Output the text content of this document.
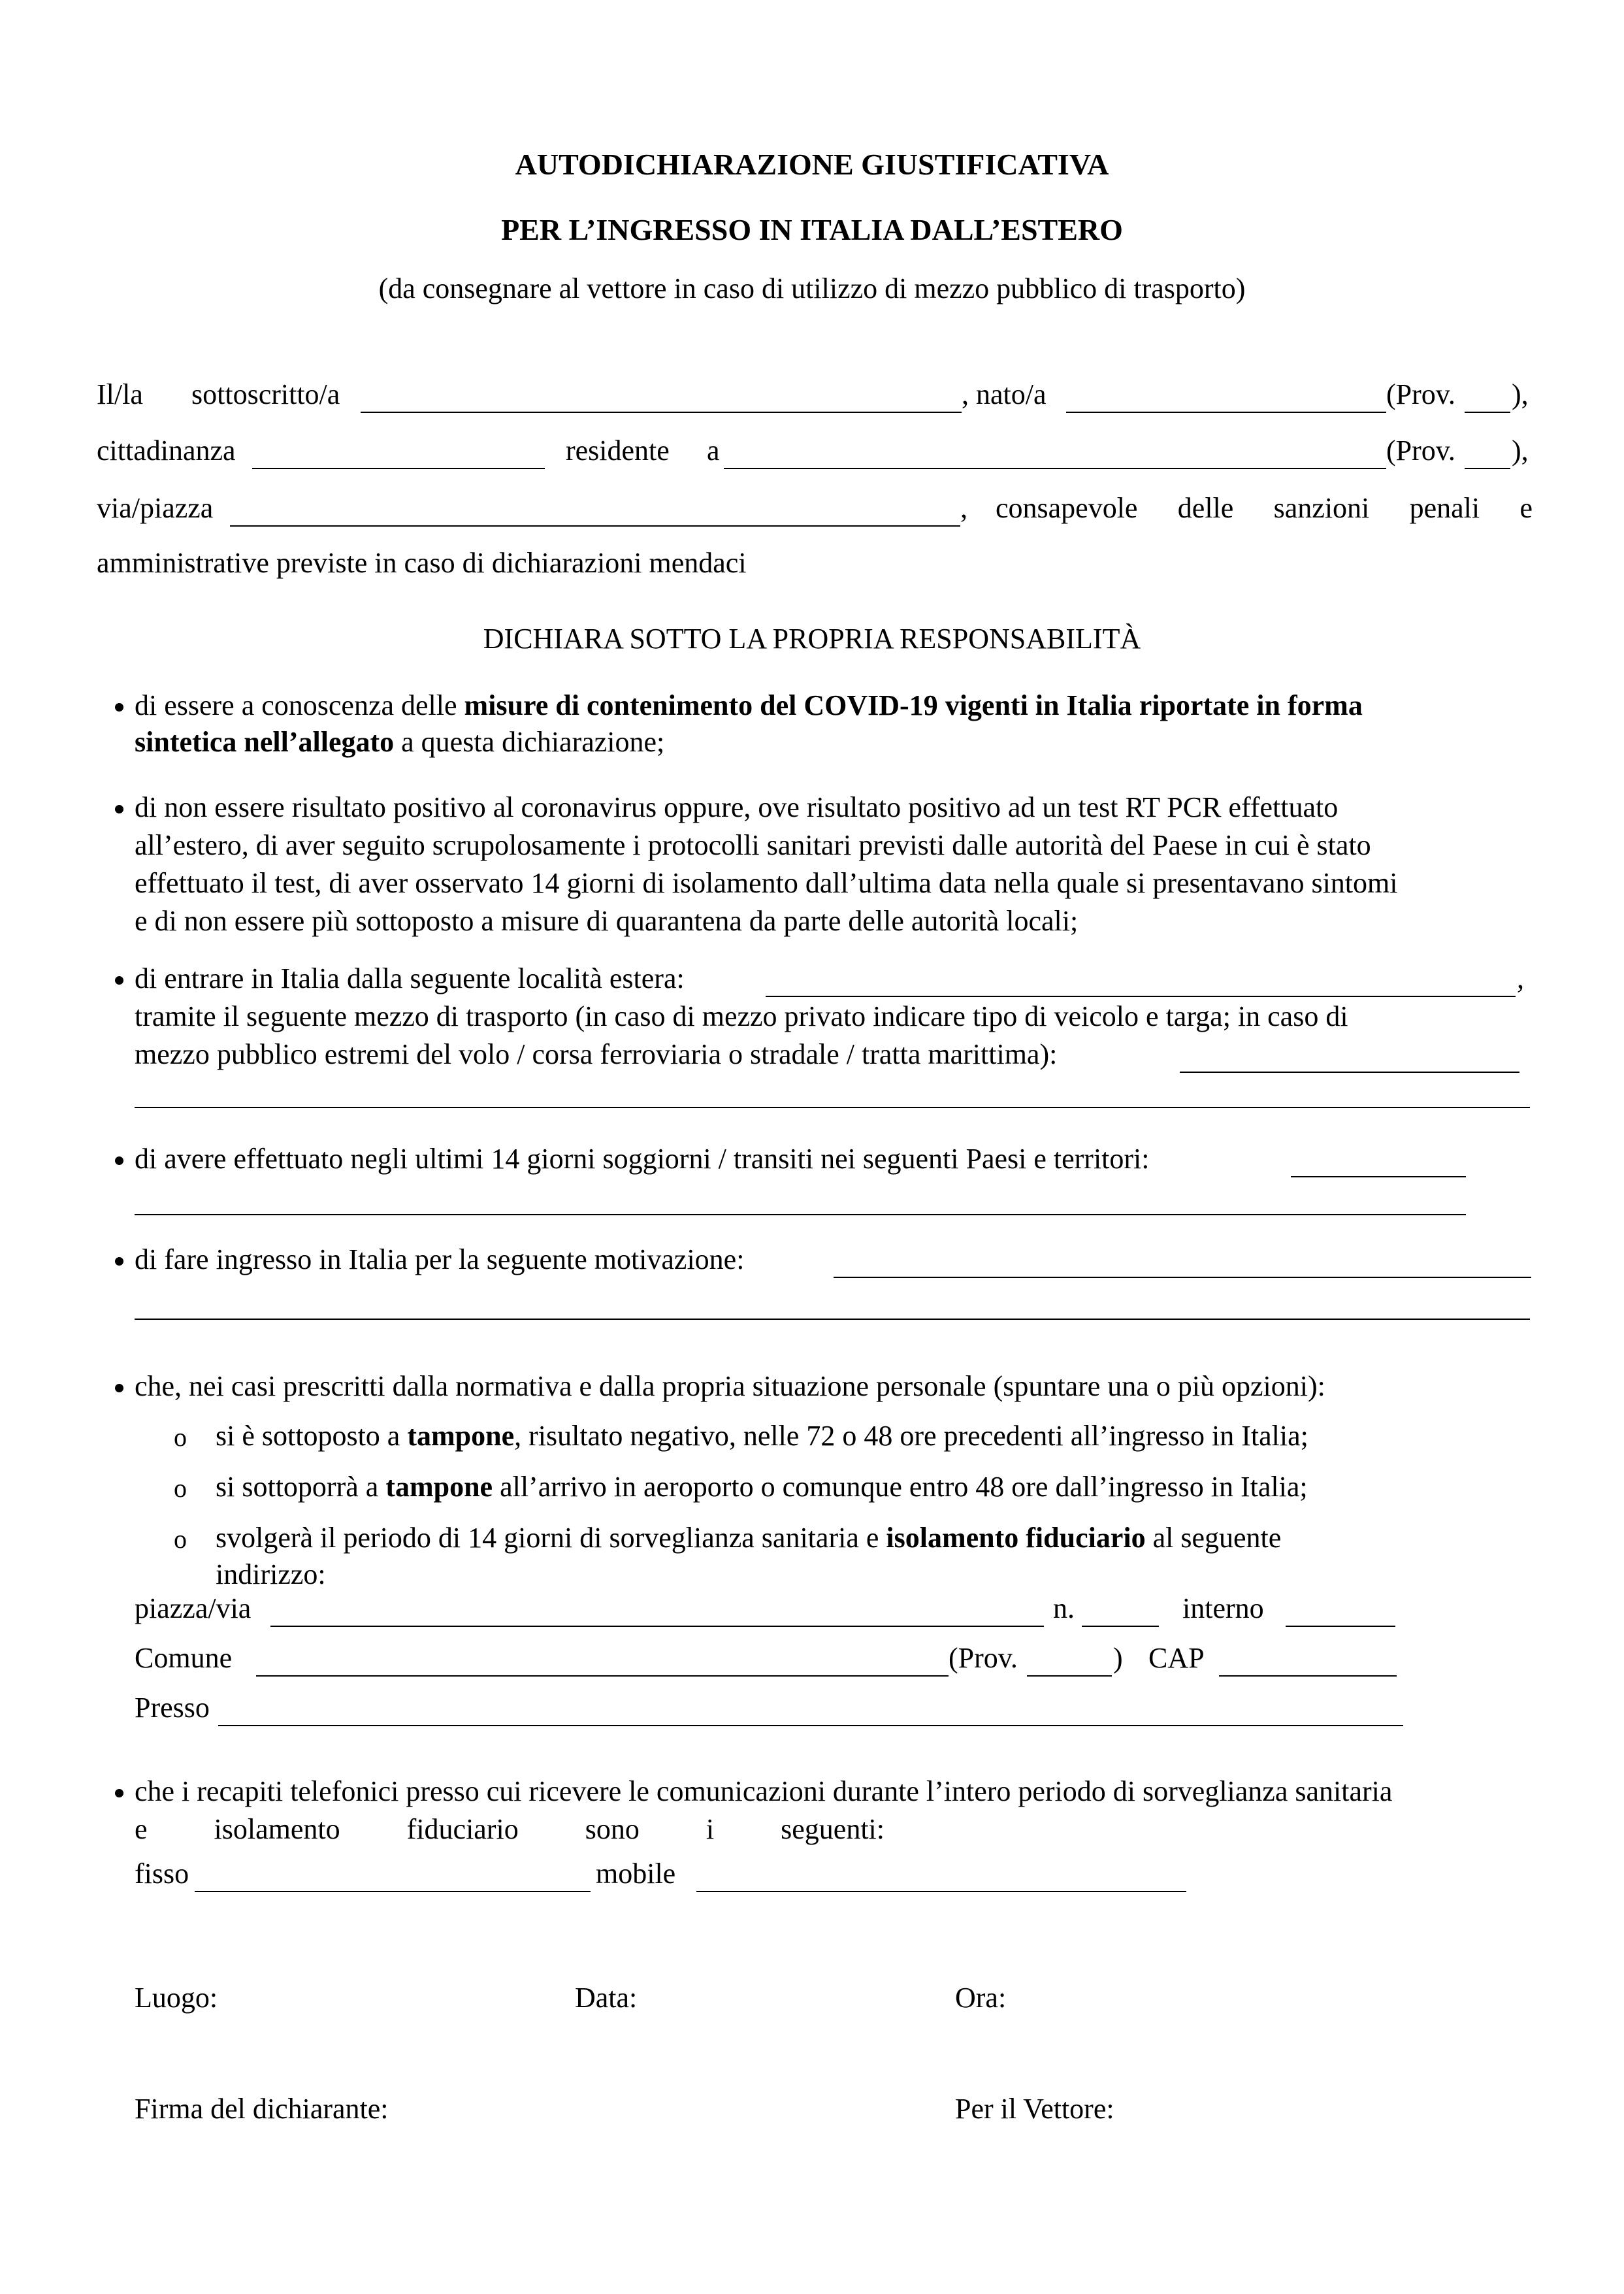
AUTODICHIARAZIONE GIUSTIFICATIVA
PER L’INGRESSO IN ITALIA DALL’ESTERO
(da consegnare al vettore in caso di utilizzo di mezzo pubblico di trasporto)
Il/la sottoscritto/a	, nato/a	(Prov. ),
cittadinanza	residente a	(Prov. ),
via/piazza	, consapevole delle sanzioni penali e
amministrative previste in caso di dichiarazioni mendaci
DICHIARA SOTTO LA PROPRIA RESPONSABILITÀ
di essere a conoscenza delle misure di contenimento del COVID-19 vigenti in Italia riportate in forma
sintetica nell’allegato a questa dichiarazione;
di non essere risultato positivo al coronavirus oppure, ove risultato positivo ad un test RT PCR effettuato
all’estero, di aver seguito scrupolosamente i protocolli sanitari previsti dalle autorità del Paese in cui è stato
effettuato il test, di aver osservato 14 giorni di isolamento dall’ultima data nella quale si presentavano sintomi
e di non essere più sottoposto a misure di quarantena da parte delle autorità locali;
di entrare in Italia dalla seguente località estera:	,
tramite il seguente mezzo di trasporto (in caso di mezzo privato indicare tipo di veicolo e targa; in caso di
mezzo pubblico estremi del volo / corsa ferroviaria o stradale / tratta marittima):
di avere effettuato negli ultimi 14 giorni soggiorni / transiti nei seguenti Paesi e territori:
di fare ingresso in Italia per la seguente motivazione:
che, nei casi prescritti dalla normativa e dalla propria situazione personale (spuntare una o più opzioni):
o si è sottoposto a tampone, risultato negativo, nelle 72 o 48 ore precedenti all’ingresso in Italia;
o si sottoporrà a tampone all’arrivo in aeroporto o comunque entro 48 ore dall’ingresso in Italia;
o svolgerà il periodo di 14 giorni di sorveglianza sanitaria e isolamento fiduciario al seguente
indirizzo:
piazza/via	n.	interno
Comune	(Prov.	) CAP
Presso
che i recapiti telefonici presso cui ricevere le comunicazioni durante l’intero periodo di sorveglianza sanitaria
e isolamento fiduciario sono i seguenti:
fisso	mobile
Luogo:	Data:	Ora:
Firma del dichiarante:	Per il Vettore:
